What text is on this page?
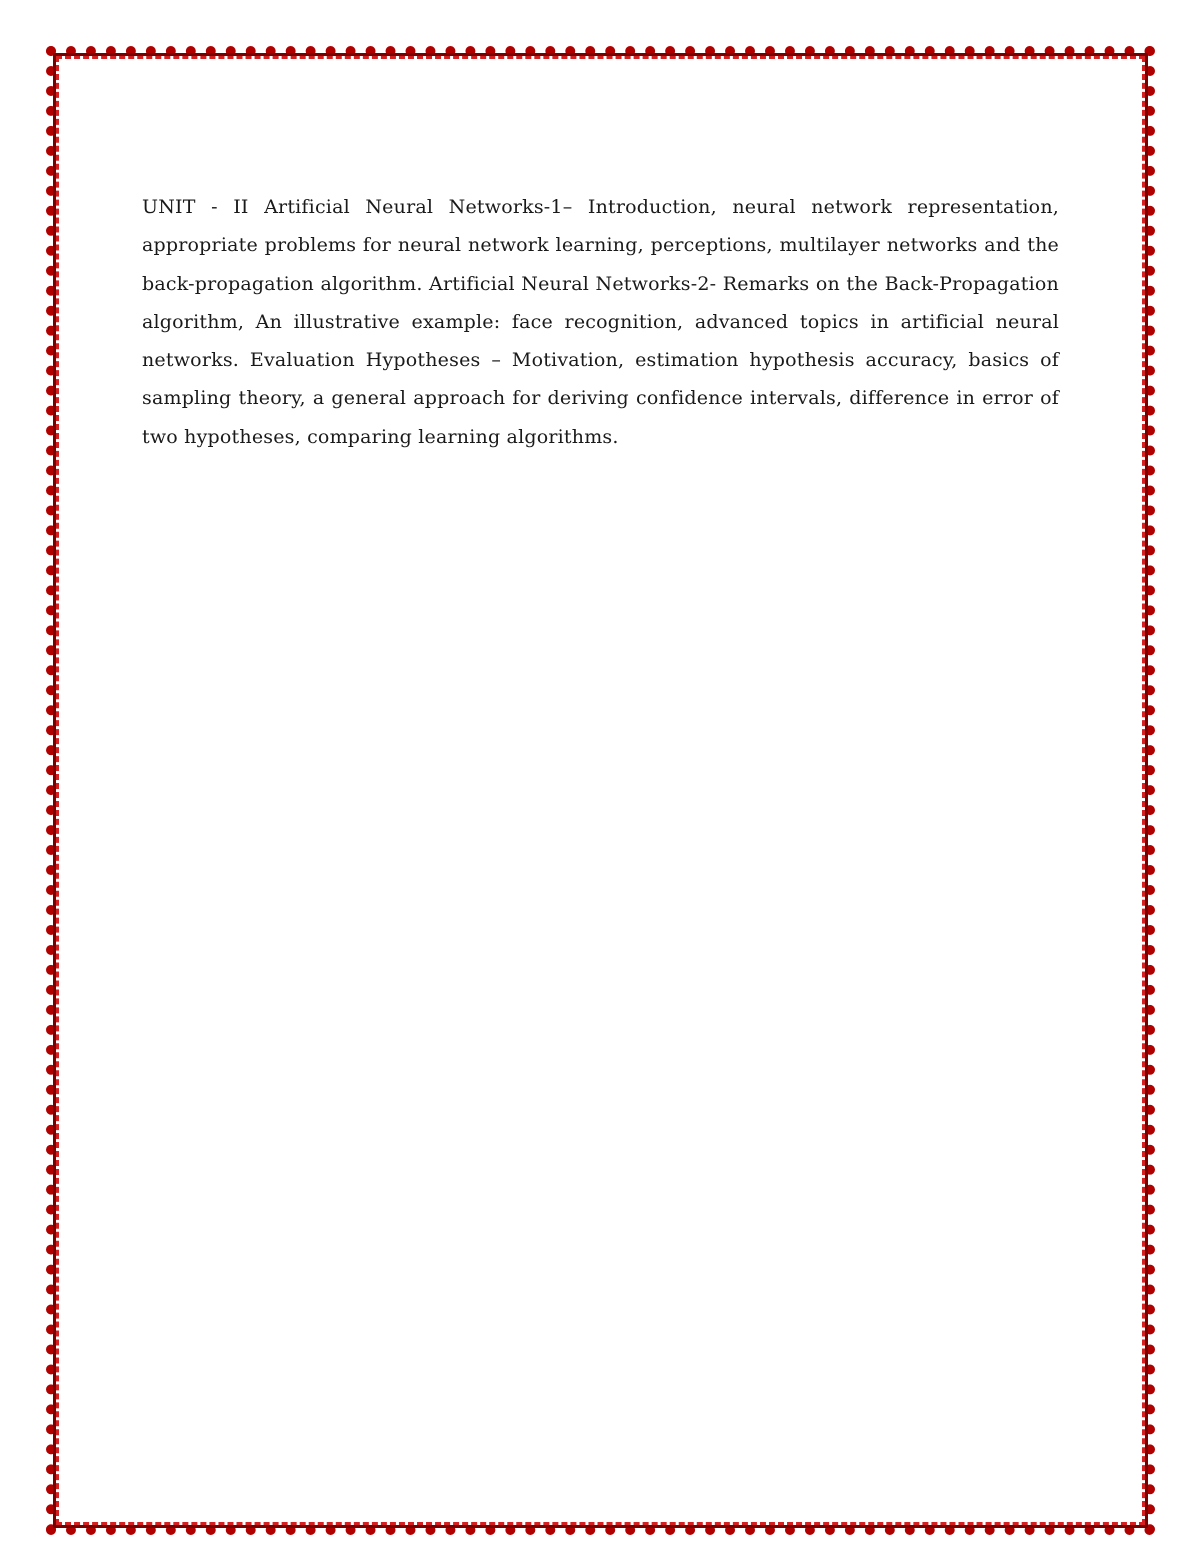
UNIT - II Artificial Neural Networks-1– Introduction, neural network representation, appropriate problems for neural network learning, perceptions, multilayer networks and the back-propagation algorithm. Artificial Neural Networks-2- Remarks on the Back-Propagation algorithm, An illustrative example: face recognition, advanced topics in artificial neural networks. Evaluation Hypotheses – Motivation, estimation hypothesis accuracy, basics of sampling theory, a general approach for deriving confidence intervals, difference in error of two hypotheses, comparing learning algorithms.
